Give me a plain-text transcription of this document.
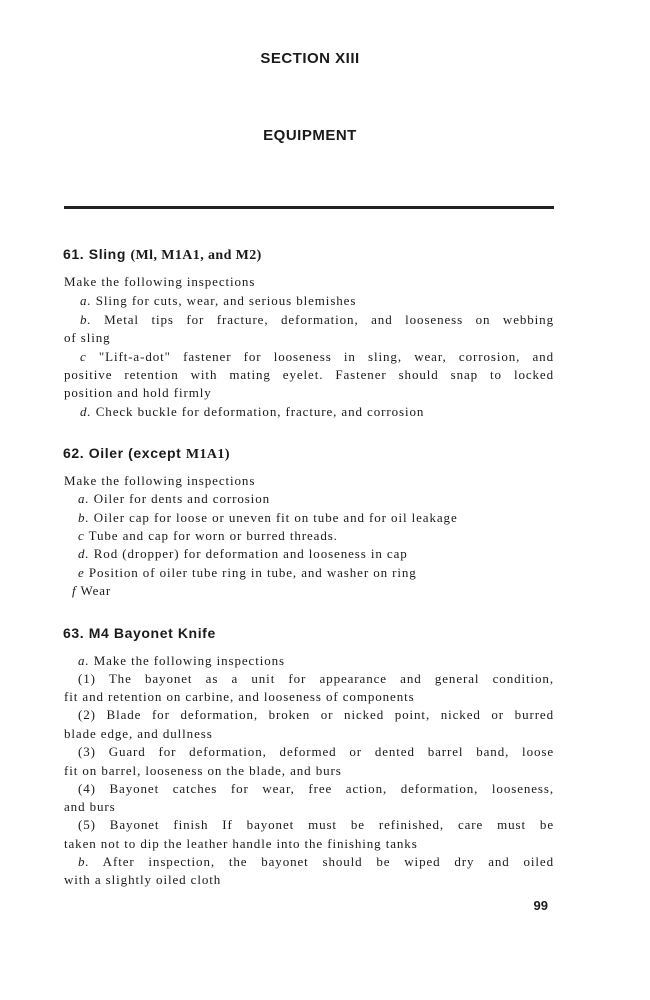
SECTION XIII
EQUIPMENT
61. Sling (Ml, M1A1, and M2)
Make the following inspections
a. Sling for cuts, wear, and serious blemishes
b. Metal tips for fracture, deformation, and looseness on webbing
of sling
c "Lift-a-dot" fastener for looseness in sling, wear, corrosion, and
positive retention with mating eyelet. Fastener should snap to locked
position and hold firmly
d. Check buckle for deformation, fracture, and corrosion
62. Oiler (except M1A1)
Make the following inspections
a. Oiler for dents and corrosion
b. Oiler cap for loose or uneven fit on tube and for oil leakage
c Tube and cap for worn or burred threads.
d. Rod (dropper) for deformation and looseness in cap
e Position of oiler tube ring in tube, and washer on ring
f Wear
63. M4 Bayonet Knife
a. Make the following inspections
(1) The bayonet as a unit for appearance and general condition,
fit and retention on carbine, and looseness of components
(2) Blade for deformation, broken or nicked point, nicked or burred
blade edge, and dullness
(3) Guard for deformation, deformed or dented barrel band, loose
fit on barrel, looseness on the blade, and burs
(4) Bayonet catches for wear, free action, deformation, looseness,
and burs
(5) Bayonet finish If bayonet must be refinished, care must be
taken not to dip the leather handle into the finishing tanks
b. After inspection, the bayonet should be wiped dry and oiled
with a slightly oiled cloth
99
